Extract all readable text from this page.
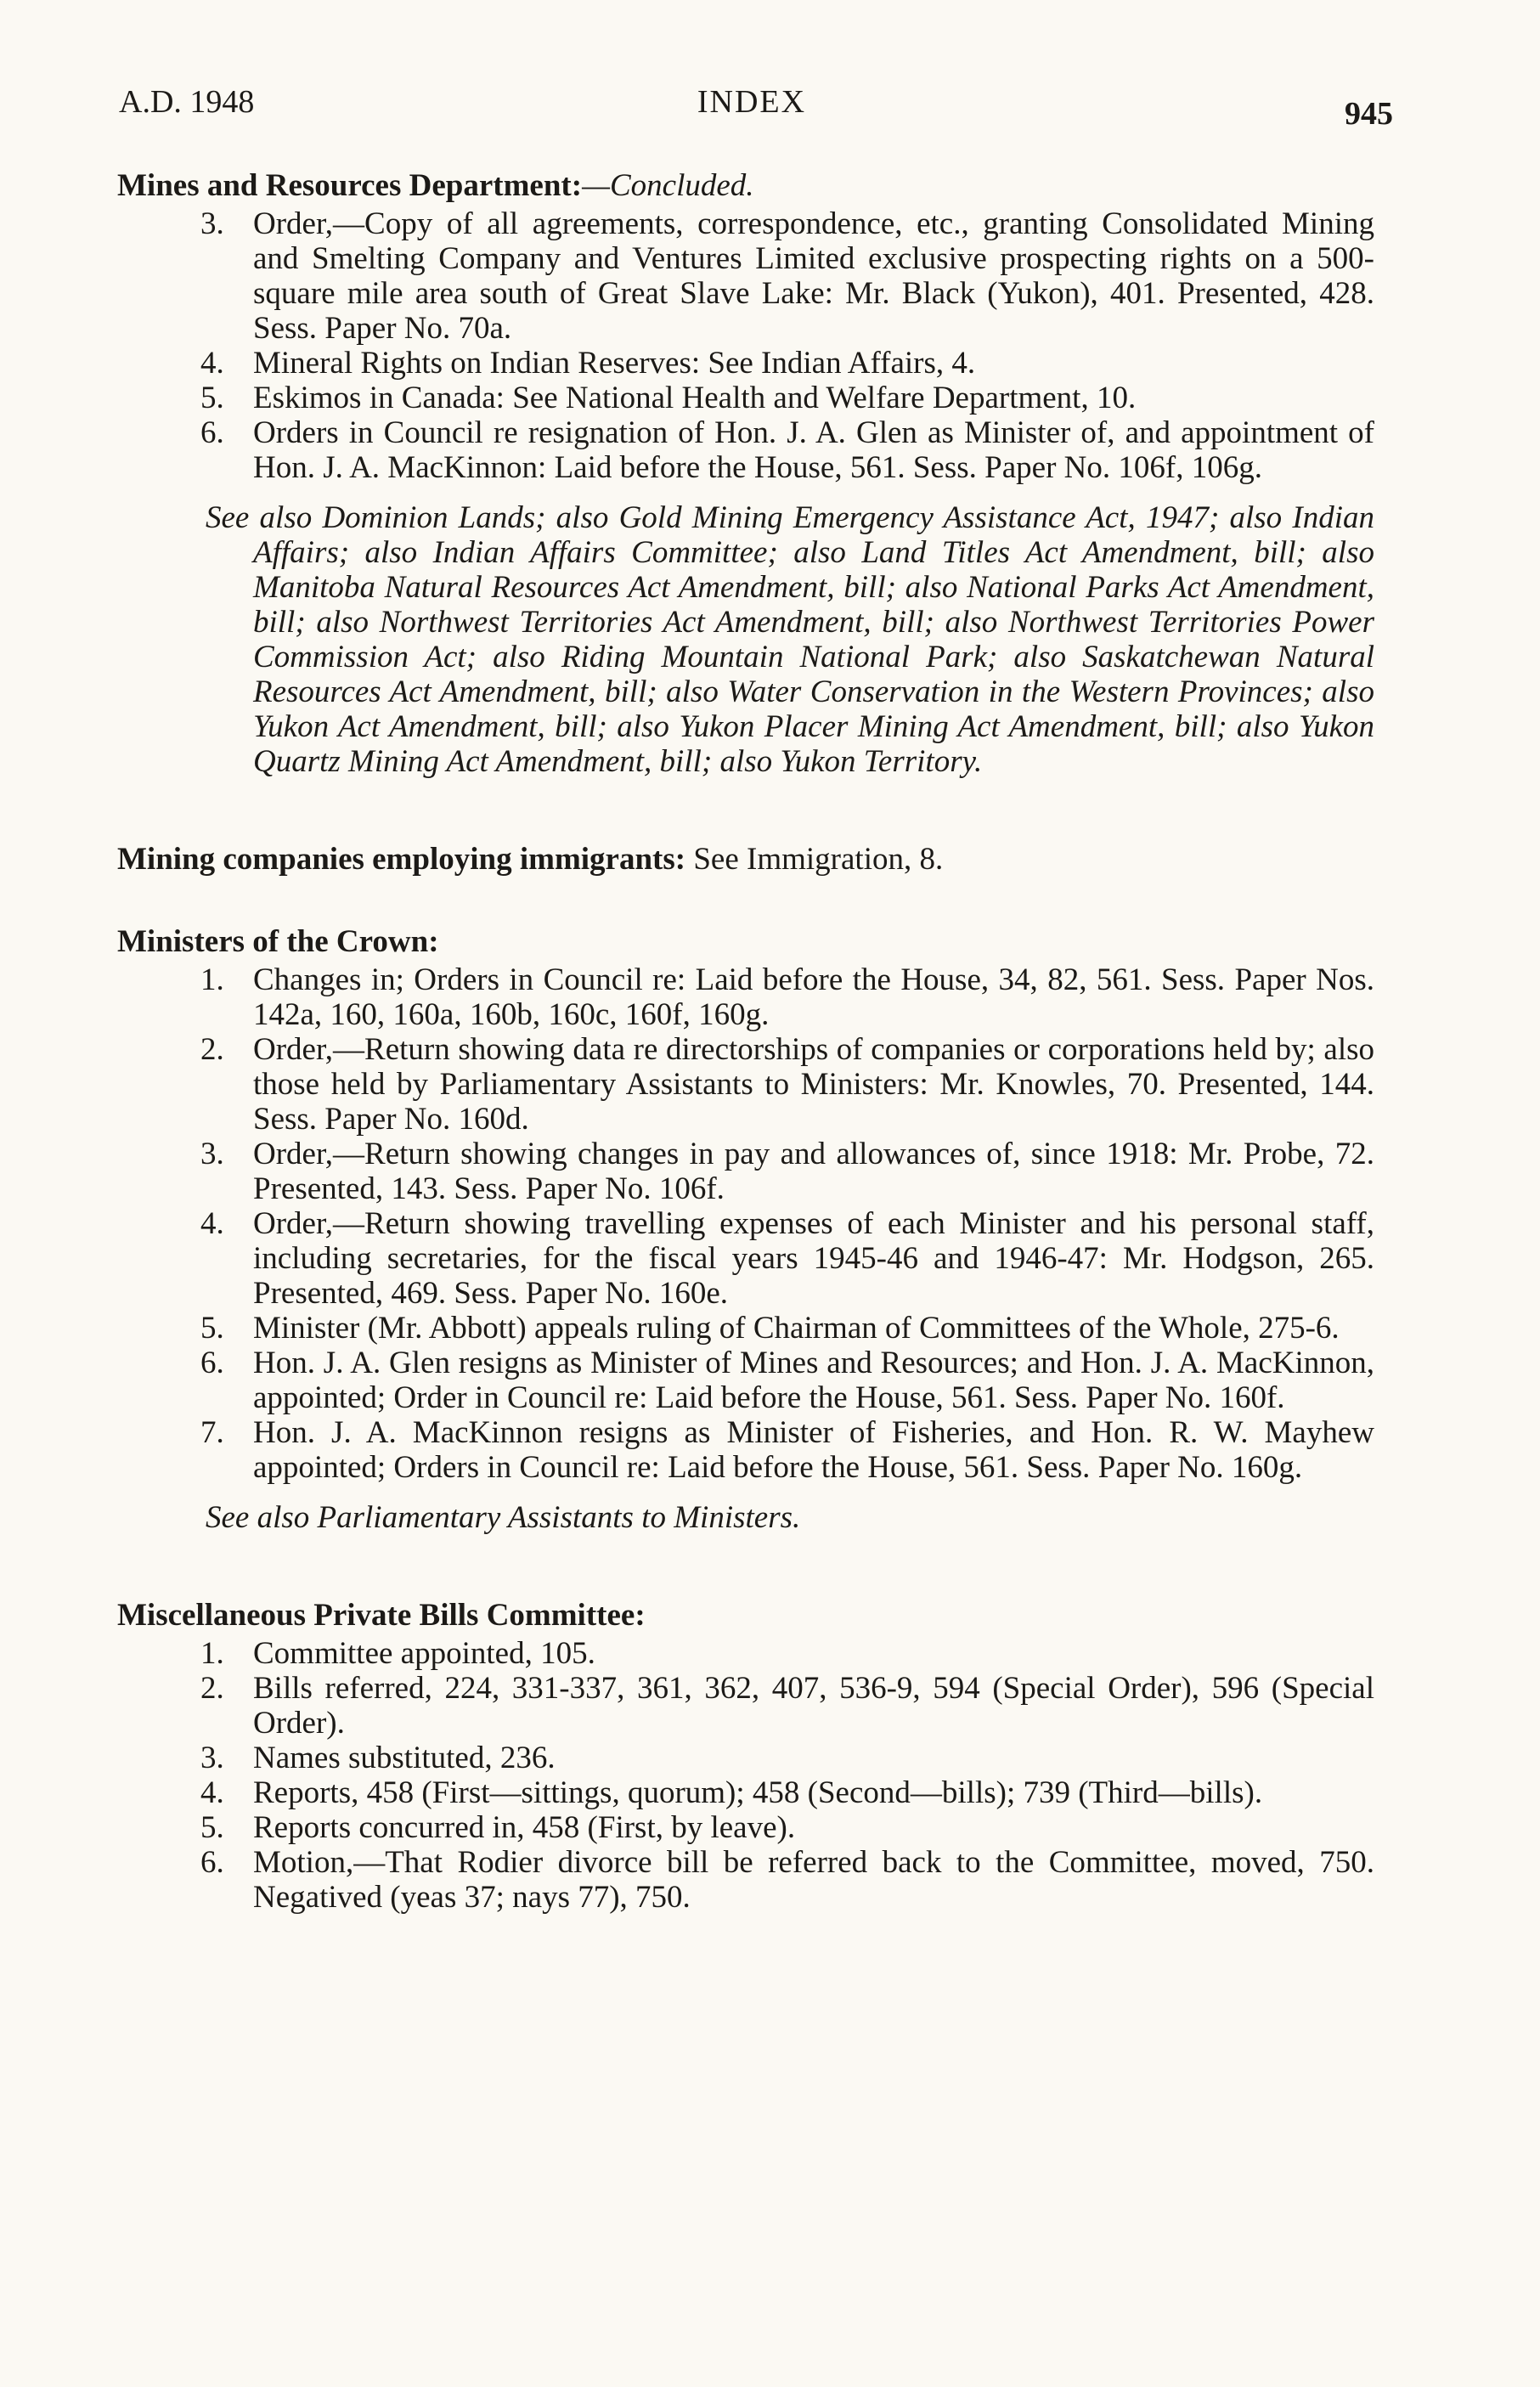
A.D. 1948	INDEX	945

Mines and Resources Department:—Concluded.

3. Order,—Copy of all agreements, correspondence, etc., granting Consolidated Mining and Smelting Company and Ventures Limited exclusive prospecting rights on a 500-square mile area south of Great Slave Lake: Mr. Black (Yukon), 401. Presented, 428. Sess. Paper No. 70a.

4. Mineral Rights on Indian Reserves: See Indian Affairs, 4.

5. Eskimos in Canada: See National Health and Welfare Department, 10.

6. Orders in Council re resignation of Hon. J. A. Glen as Minister of, and appointment of Hon. J. A. MacKinnon: Laid before the House, 561. Sess. Paper No. 106f, 106g.

See also Dominion Lands; also Gold Mining Emergency Assistance Act, 1947; also Indian Affairs; also Indian Affairs Committee; also Land Titles Act Amendment, bill; also Manitoba Natural Resources Act Amendment, bill; also National Parks Act Amendment, bill; also Northwest Territories Act Amendment, bill; also Northwest Territories Power Commission Act; also Riding Mountain National Park; also Saskatchewan Natural Resources Act Amendment, bill; also Water Conservation in the Western Provinces; also Yukon Act Amendment, bill; also Yukon Placer Mining Act Amendment, bill; also Yukon Quartz Mining Act Amendment, bill; also Yukon Territory.

Mining companies employing immigrants: See Immigration, 8.

Ministers of the Crown:

1. Changes in; Orders in Council re: Laid before the House, 34, 82, 561. Sess. Paper Nos. 142a, 160, 160a, 160b, 160c, 160f, 160g.

2. Order,—Return showing data re directorships of companies or corporations held by; also those held by Parliamentary Assistants to Ministers: Mr. Knowles, 70. Presented, 144. Sess. Paper No. 160d.

3. Order,—Return showing changes in pay and allowances of, since 1918: Mr. Probe, 72. Presented, 143. Sess. Paper No. 106f.

4. Order,—Return showing travelling expenses of each Minister and his personal staff, including secretaries, for the fiscal years 1945-46 and 1946-47: Mr. Hodgson, 265. Presented, 469. Sess. Paper No. 160e.

5. Minister (Mr. Abbott) appeals ruling of Chairman of Committees of the Whole, 275-6.

6. Hon. J. A. Glen resigns as Minister of Mines and Resources; and Hon. J. A. MacKinnon, appointed; Order in Council re: Laid before the House, 561. Sess. Paper No. 160f.

7. Hon. J. A. MacKinnon resigns as Minister of Fisheries, and Hon. R. W. Mayhew appointed; Orders in Council re: Laid before the House, 561. Sess. Paper No. 160g.

See also Parliamentary Assistants to Ministers.

Miscellaneous Private Bills Committee:

1. Committee appointed, 105.

2. Bills referred, 224, 331-337, 361, 362, 407, 536-9, 594 (Special Order), 596 (Special Order).

3. Names substituted, 236.

4. Reports, 458 (First—sittings, quorum); 458 (Second—bills); 739 (Third—bills).

5. Reports concurred in, 458 (First, by leave).

6. Motion,—That Rodier divorce bill be referred back to the Committee, moved, 750. Negatived (yeas 37; nays 77), 750.
